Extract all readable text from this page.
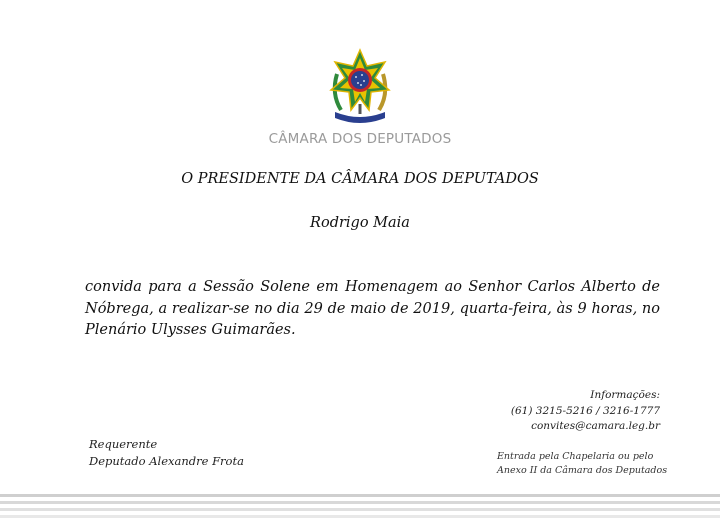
CÂMARA DOS DEPUTADOS
O PRESIDENTE DA CÂMARA DOS DEPUTADOS
Rodrigo Maia
convida para a Sessão Solene em Homenagem ao Senhor Carlos Alberto de Nóbrega, a realizar-se no dia 29 de maio de 2019, quarta-feira, às 9 horas, no Plenário Ulysses Guimarães.
Informações:
(61) 3215-5216 / 3216-1777
convites@camara.leg.br
Requerente
Deputado Alexandre Frota	Entrada pela Chapelaria ou pelo
Anexo II da Câmara dos Deputados
